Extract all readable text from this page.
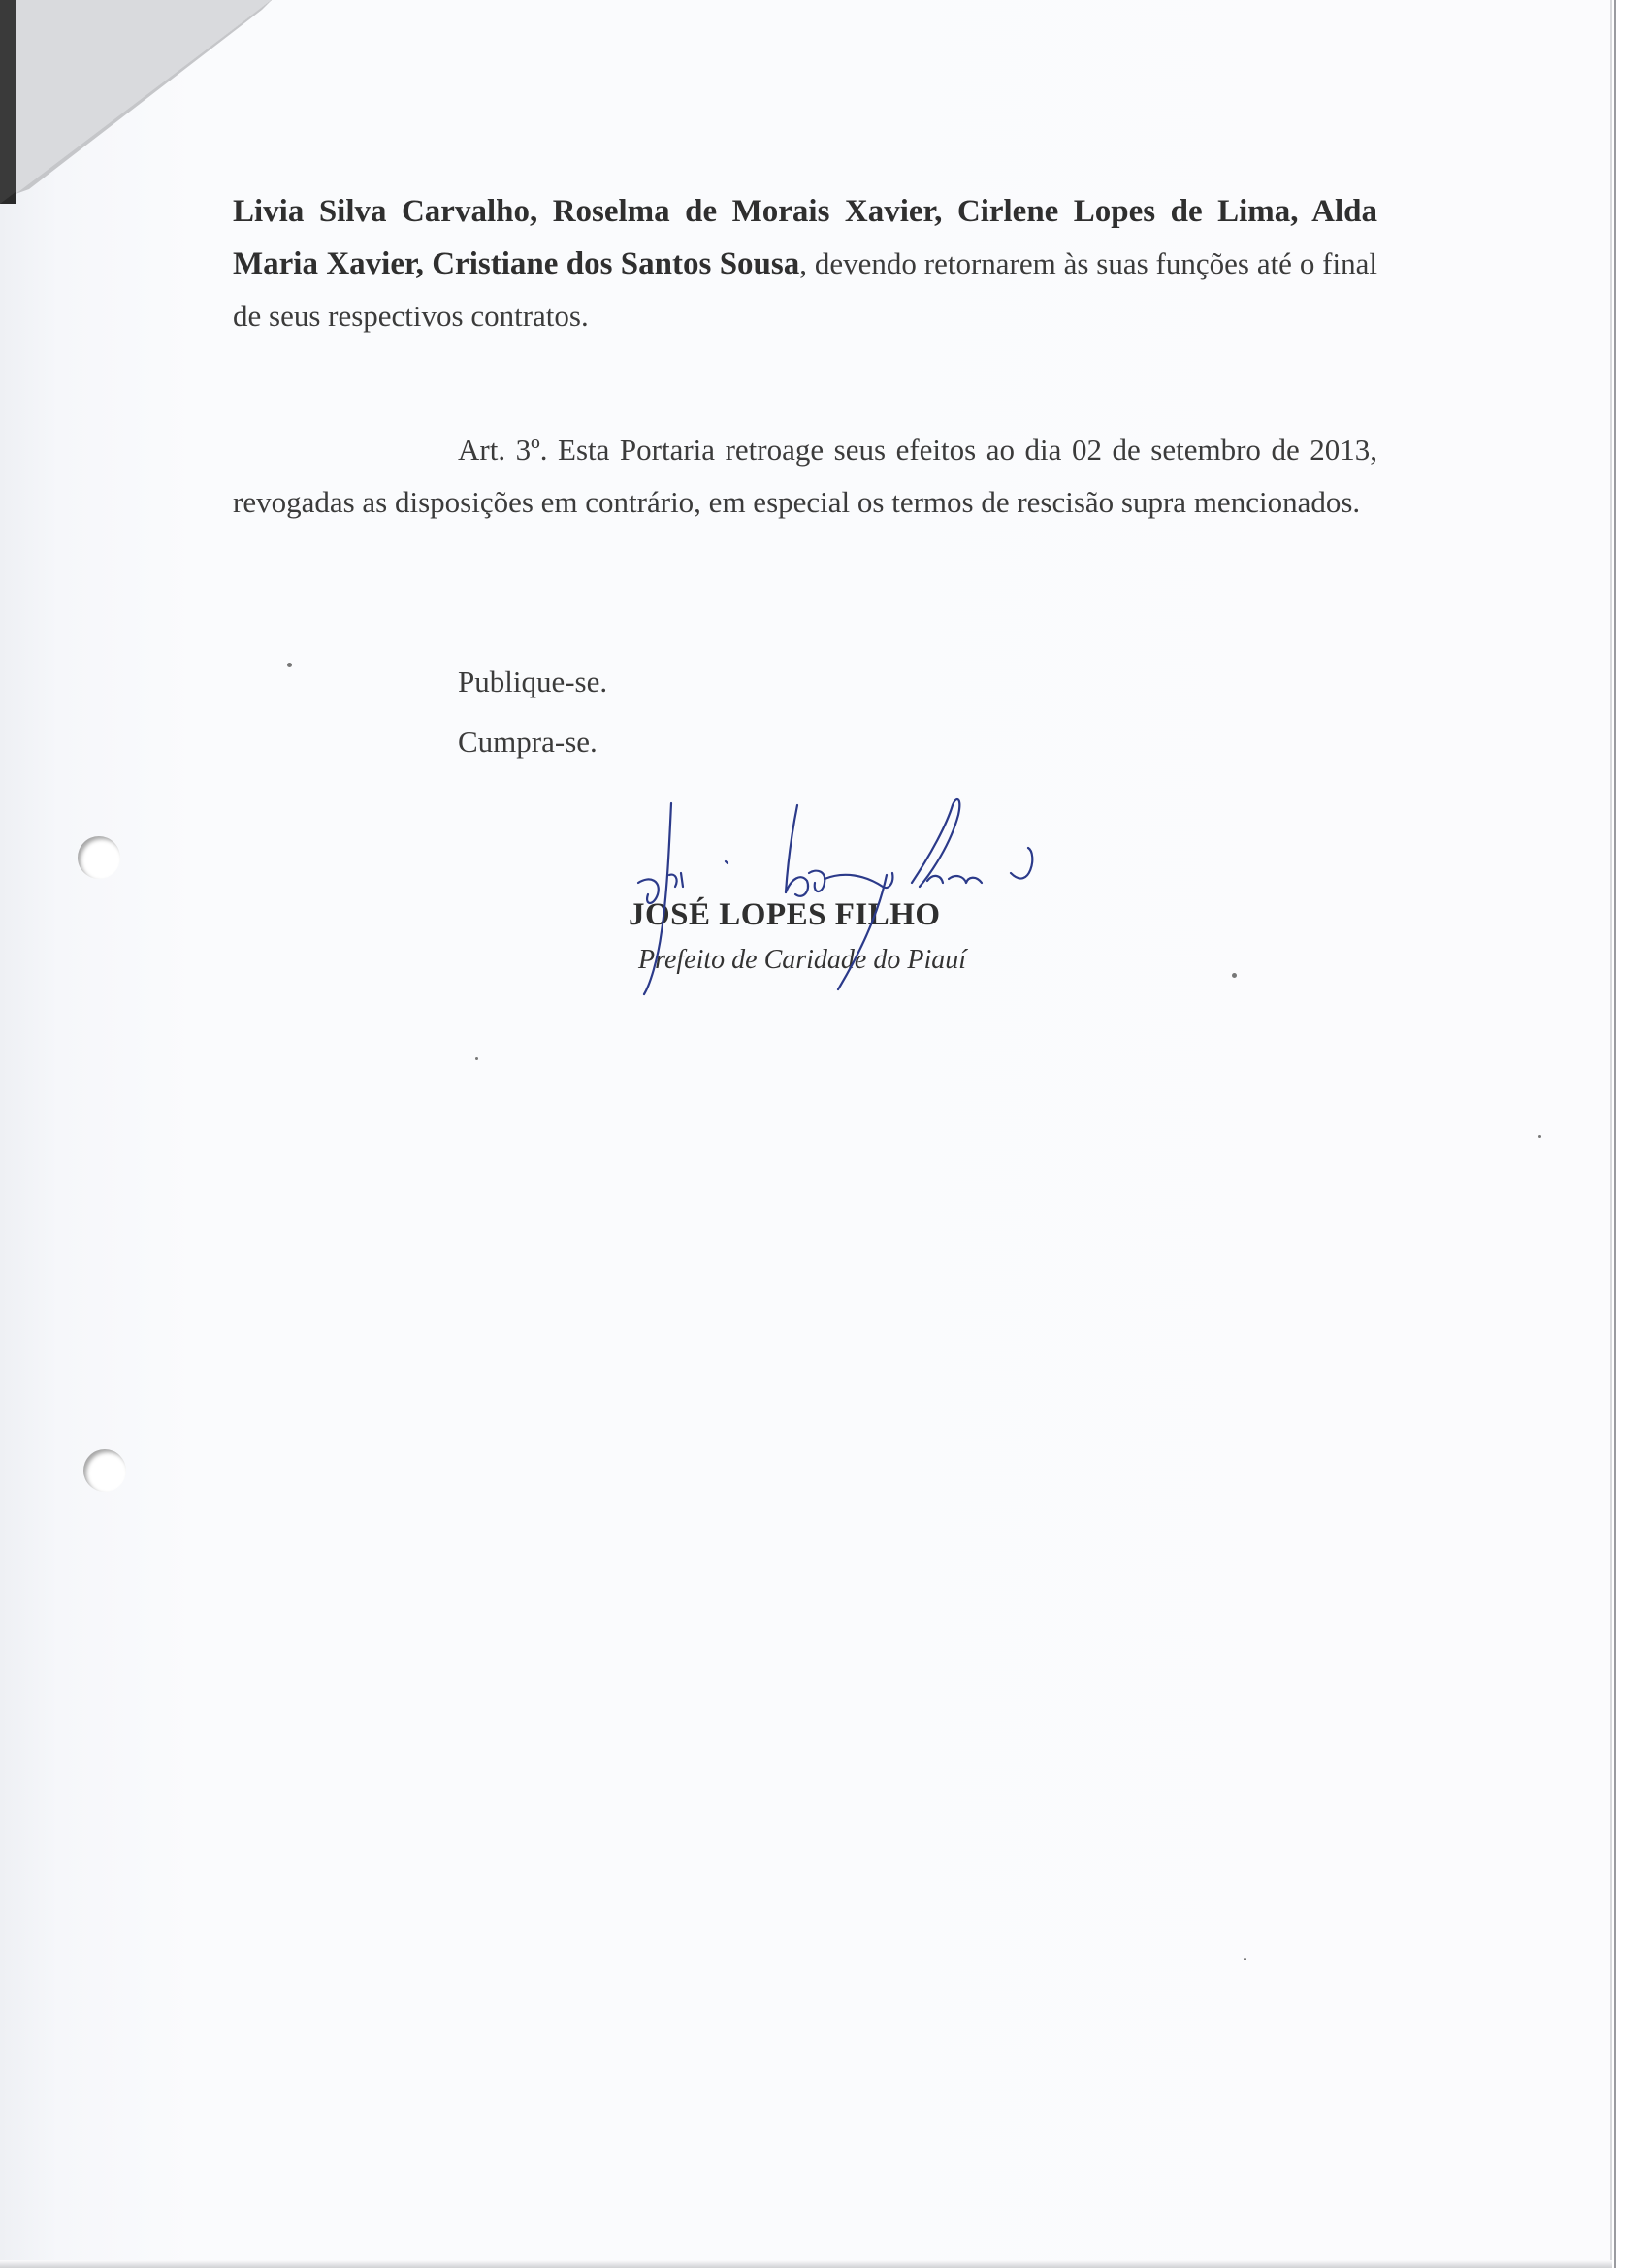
Livia Silva Carvalho, Roselma de Morais Xavier, Cirlene Lopes de Lima, Alda Maria Xavier, Cristiane dos Santos Sousa, devendo retornarem às suas funções até o final de seus respectivos contratos.
Art. 3º. Esta Portaria retroage seus efeitos ao dia 02 de setembro de 2013, revogadas as disposições em contrário, em especial os termos de rescisão supra mencionados.
Publique-se.
Cumpra-se.
JOSÉ LOPES FILHO
Prefeito de Caridade do Piauí
